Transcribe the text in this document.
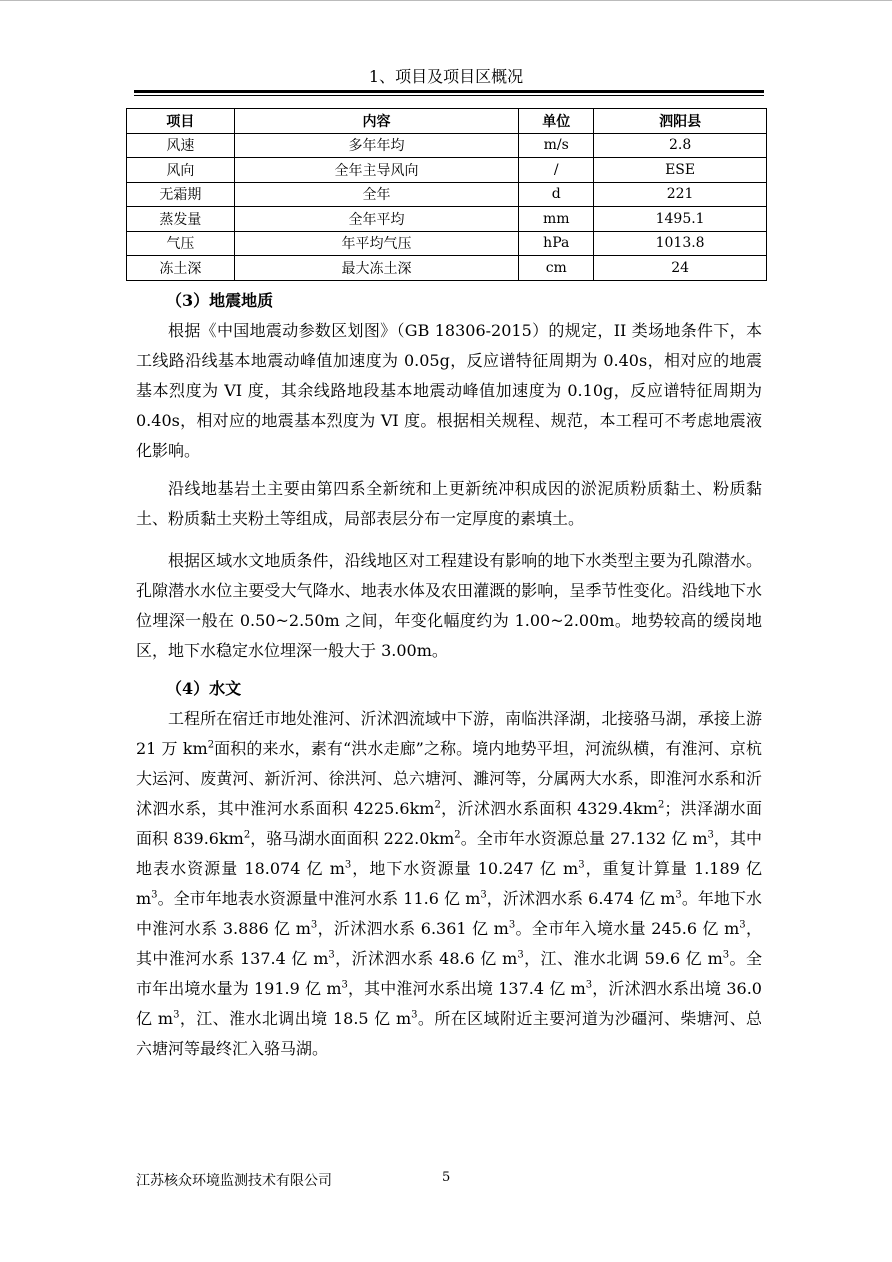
1、项目及项目区概况
项目	内容	单位	泗阳县
风速	多年年均	m/s	2.8
风向	全年主导风向	/	ESE
无霜期	全年	d	221
蒸发量	全年平均	mm	1495.1
气压	年平均气压	hPa	1013.8
冻土深	最大冻土深	cm	24
（3）地震地质

根据《中国地震动参数区划图》（GB 18306-2015）的规定，II 类场地条件下，本工线路沿线基本地震动峰值加速度为 0.05g，反应谱特征周期为 0.40s，相对应的地震基本烈度为 VI 度，其余线路地段基本地震动峰值加速度为 0.10g，反应谱特征周期为 0.40s，相对应的地震基本烈度为 VI 度。根据相关规程、规范，本工程可不考虑地震液化影响。

沿线地基岩土主要由第四系全新统和上更新统冲积成因的淤泥质粉质黏土、粉质黏土、粉质黏土夹粉土等组成，局部表层分布一定厚度的素填土。

根据区域水文地质条件，沿线地区对工程建设有影响的地下水类型主要为孔隙潜水。孔隙潜水水位主要受大气降水、地表水体及农田灌溉的影响，呈季节性变化。沿线地下水位埋深一般在 0.50~2.50m 之间，年变化幅度约为 1.00~2.00m。地势较高的缓岗地区，地下水稳定水位埋深一般大于 3.00m。

（4）水文

工程所在宿迁市地处淮河、沂沭泗流域中下游，南临洪泽湖，北接骆马湖，承接上游 21 万 $km^2$面积的来水，素有“洪水走廊”之称。境内地势平坦，河流纵横，有淮河、京杭大运河、废黄河、新沂河、徐洪河、总六塘河、濉河等，分属两大水系，即淮河水系和沂沭泗水系，其中淮河水系面积 $4225.6km^2$，沂沭泗水系面积 $4329.4km^2$；洪泽湖水面面积 $839.6km^2$，骆马湖水面面积 $222.0km^2$。全市年水资源总量 27.132 亿 $m^3$，其中地表水资源量 18.074 亿 $m^3$，地下水资源量 10.247 亿 $m^3$，重复计算量 1.189 亿 $m^3$。全市年地表水资源量中淮河水系 11.6 亿 $m^3$，沂沭泗水系 6.474 亿 $m^3$。年地下水中淮河水系 3.886 亿 $m^3$，沂沭泗水系 6.361 亿 $m^3$。全市年入境水量 245.6 亿 $m^3$，其中淮河水系 137.4 亿 $m^3$，沂沭泗水系 48.6 亿 $m^3$，江、淮水北调 59.6 亿 $m^3$。全市年出境水量为 191.9 亿 $m^3$，其中淮河水系出境 137.4 亿 $m^3$，沂沭泗水系出境 36.0 亿 $m^3$，江、淮水北调出境 18.5 亿 $m^3$。所在区域附近主要河道为沙礓河、柴塘河、总六塘河等最终汇入骆马湖。

江苏核众环境监测技术有限公司	5
